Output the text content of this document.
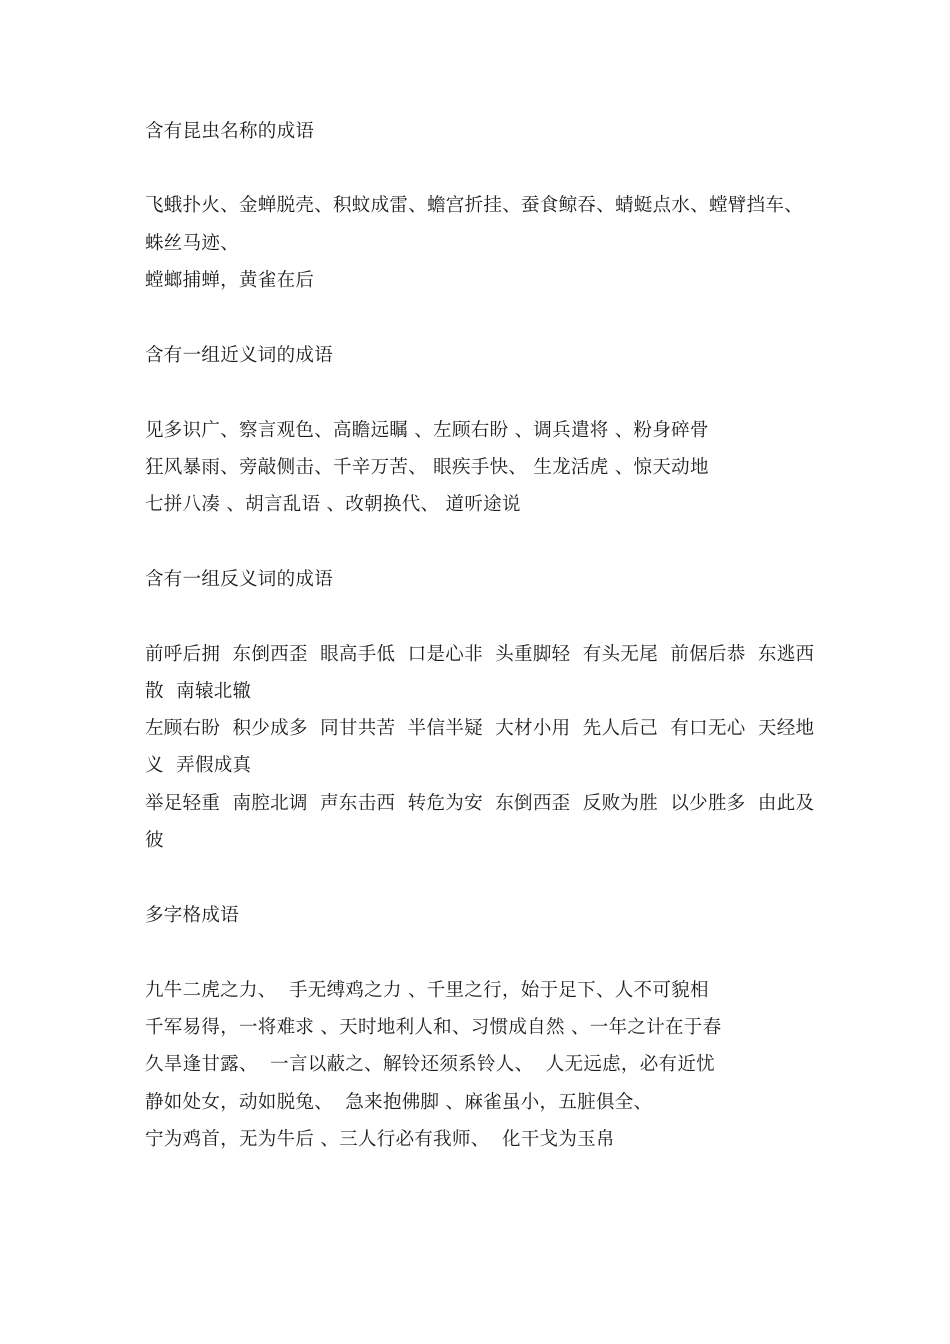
含有昆虫名称的成语
飞蛾扑火、金蝉脱壳、积蚊成雷、蟾宫折挂、蚕食鲸吞、蜻蜓点水、螳臂挡车、
蛛丝马迹、
螳螂捕蝉，黄雀在后
含有一组近义词的成语
见多识广、察言观色、高瞻远瞩 、左顾右盼 、调兵遣将 、粉身碎骨
狂风暴雨、旁敲侧击、千辛万苦、 眼疾手快、 生龙活虎 、惊天动地
七拼八凑 、胡言乱语 、改朝换代、 道听途说
含有一组反义词的成语
前呼后拥  东倒西歪  眼高手低  口是心非  头重脚轻  有头无尾  前倨后恭  东逃西
散  南辕北辙
左顾右盼  积少成多  同甘共苦  半信半疑  大材小用  先人后己  有口无心  天经地
义  弄假成真
举足轻重  南腔北调  声东击西  转危为安  东倒西歪  反败为胜  以少胜多  由此及
彼
多字格成语
九牛二虎之力、  手无缚鸡之力 、千里之行，始于足下、人不可貌相
千军易得，一将难求 、天时地利人和、习惯成自然 、一年之计在于春
久旱逢甘露、  一言以蔽之、解铃还须系铃人、  人无远虑，必有近忧
静如处女，动如脱兔、  急来抱佛脚 、麻雀虽小，五脏俱全、
宁为鸡首，无为牛后 、三人行必有我师、  化干戈为玉帛
